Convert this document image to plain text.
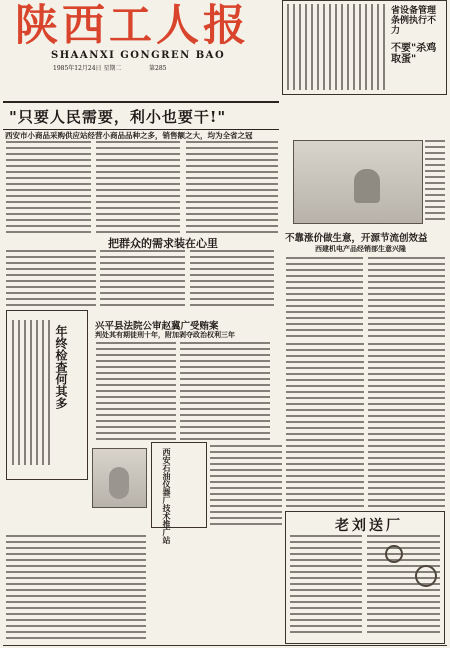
陕西工人报
SHAANXI GONGREN BAO
1985年12月24日 星期二	第285
省设备管理条例执行不力
不要"杀鸡取蛋"
"只要人民需要，利小也要干!"
西安市小商品采购供应站经营小商品品种之多，销售额之大，均为全省之冠
把群众的需求装在心里	不靠涨价做生意，开源节流创效益
西建机电产品经销部生意兴隆
年终检查何其多	兴平县法院公审赵冀广受贿案
判处其有期徒刑十年，附加剥夺政治权利三年
西安石油仪器厂技术推广站	老刘送厂
